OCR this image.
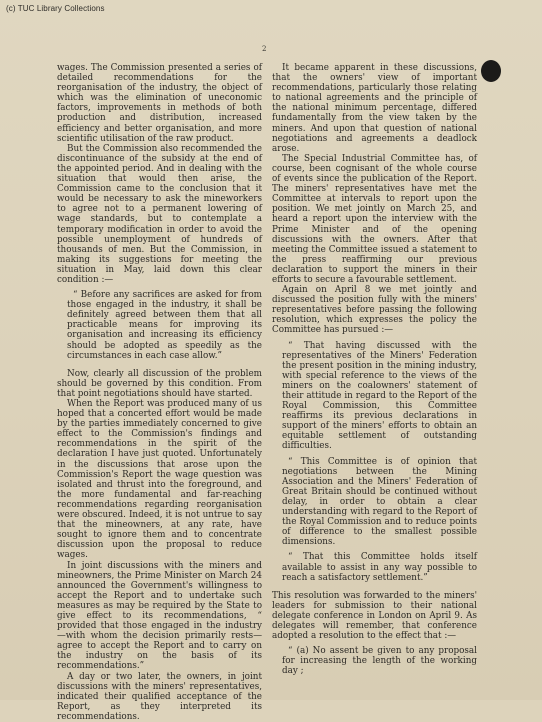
(c) TUC Library Collections
2

wages. The Commission presented a series of detailed recommendations for the reorganisation of the industry, the object of which was the elimination of uneconomic factors, improvements in methods of both production and distribution, increased efficiency and better organisation, and more scientific utilisation of the raw product.

But the Commission also recommended the discontinuance of the subsidy at the end of the appointed period. And in dealing with the situation that would then arise, the Commission came to the conclusion that it would be necessary to ask the mineworkers to agree not to a permanent lowering of wage standards, but to contemplate a temporary modification in order to avoid the possible unemployment of hundreds of thousands of men. But the Commission, in making its suggestions for meeting the situation in May, laid down this clear condition :—

“ Before any sacrifices are asked for from those engaged in the industry, it shall be definitely agreed between them that all practicable means for improving its organisation and increasing its efficiency should be adopted as speedily as the circumstances in each case allow.”

Now, clearly all discussion of the problem should be governed by this condition. From that point negotiations should have started.

When the Report was produced many of us hoped that a concerted effort would be made by the parties immediately concerned to give effect to the Commission's findings and recommendations in the spirit of the declaration I have just quoted. Unfortunately in the discussions that arose upon the Commission's Report the wage question was isolated and thrust into the foreground, and the more fundamental and far-reaching recommendations regarding reorganisation were obscured. Indeed, it is not untrue to say that the mineowners, at any rate, have sought to ignore them and to concentrate discussion upon the proposal to reduce wages.

In joint discussions with the miners and mineowners, the Prime Minister on March 24 announced the Government's willingness to accept the Report and to undertake such measures as may be required by the State to give effect to its recommendations, “ provided that those engaged in the industry—with whom the decision primarily rests—agree to accept the Report and to carry on the industry on the basis of its recommendations.”

A day or two later, the owners, in joint discussions with the miners' representatives, indicated their qualified acceptance of the Report, as they interpreted its recommendations.

It became apparent in these discussions, that the owners' view of important recommendations, particularly those relating to national agreements and the principle of the national minimum percentage, differed fundamentally from the view taken by the miners. And upon that question of national negotiations and agreements a deadlock arose.

The Special Industrial Committee has, of course, been cognisant of the whole course of events since the publication of the Report. The miners' representatives have met the Committee at intervals to report upon the position. We met jointly on March 25, and heard a report upon the interview with the Prime Minister and of the opening discussions with the owners. After that meeting the Committee issued a statement to the press reaffirming our previous declaration to support the miners in their efforts to secure a favourable settlement.

Again on April 8 we met jointly and discussed the position fully with the miners' representatives before passing the following resolution, which expresses the policy the Committee has pursued :—

“ That having discussed with the representatives of the Miners' Federation the present position in the mining industry, with special reference to the views of the miners on the coalowners' statement of their attitude in regard to the Report of the Royal Commission, this Committee reaffirms its previous declarations in support of the miners' efforts to obtain an equitable settlement of outstanding difficulties.

“ This Committee is of opinion that negotiations between the Mining Association and the Miners' Federation of Great Britain should be continued without delay, in order to obtain a clear understanding with regard to the Report of the Royal Commission and to reduce points of difference to the smallest possible dimensions.

“ That this Committee holds itself available to assist in any way possible to reach a satisfactory settlement.”

This resolution was forwarded to the miners' leaders for submission to their national delegate conference in London on April 9. As delegates will remember, that conference adopted a resolution to the effect that :—

“ (a) No assent be given to any proposal for increasing the length of the working day ;
